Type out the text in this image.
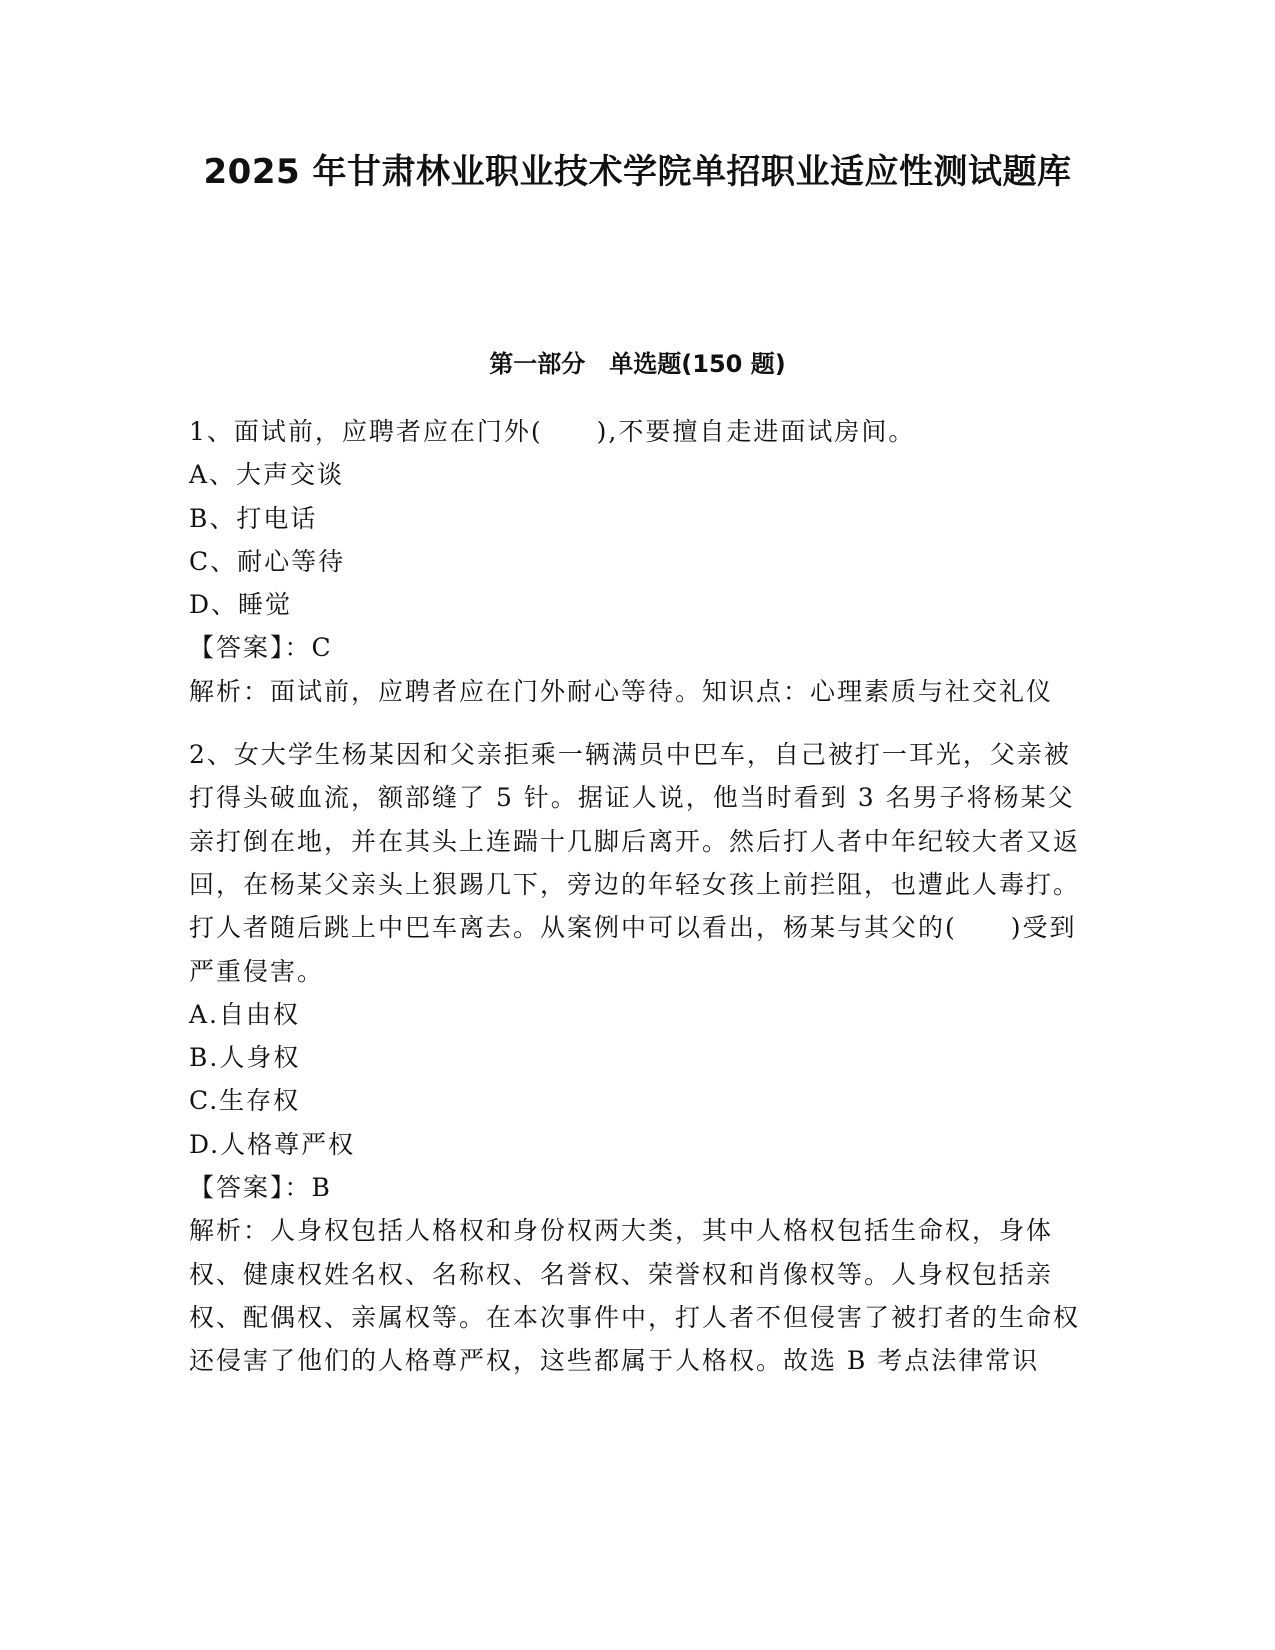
2025 年甘肃林业职业技术学院单招职业适应性测试题库
第一部分　单选题(150 题)

1、面试前，应聘者应在门外(　　),不要擅自走进面试房间。

A、大声交谈

B、打电话

C、耐心等待

D、睡觉

【答案】：C

解析：面试前，应聘者应在门外耐心等待。知识点：心理素质与社交礼仪

2、女大学生杨某因和父亲拒乘一辆满员中巴车，自己被打一耳光，父亲被打得头破血流，额部缝了 5 针。据证人说，他当时看到 3 名男子将杨某父亲打倒在地，并在其头上连踹十几脚后离开。然后打人者中年纪较大者又返回，在杨某父亲头上狠踢几下，旁边的年轻女孩上前拦阻，也遭此人毒打。打人者随后跳上中巴车离去。从案例中可以看出，杨某与其父的(　　)受到严重侵害。

A.自由权

B.人身权

C.生存权

D.人格尊严权

【答案】：B

解析：人身权包括人格权和身份权两大类，其中人格权包括生命权，身体权、健康权姓名权、名称权、名誉权、荣誉权和肖像权等。人身权包括亲权、配偶权、亲属权等。在本次事件中，打人者不但侵害了被打者的生命权还侵害了他们的人格尊严权，这些都属于人格权。故选 B 考点法律常识
